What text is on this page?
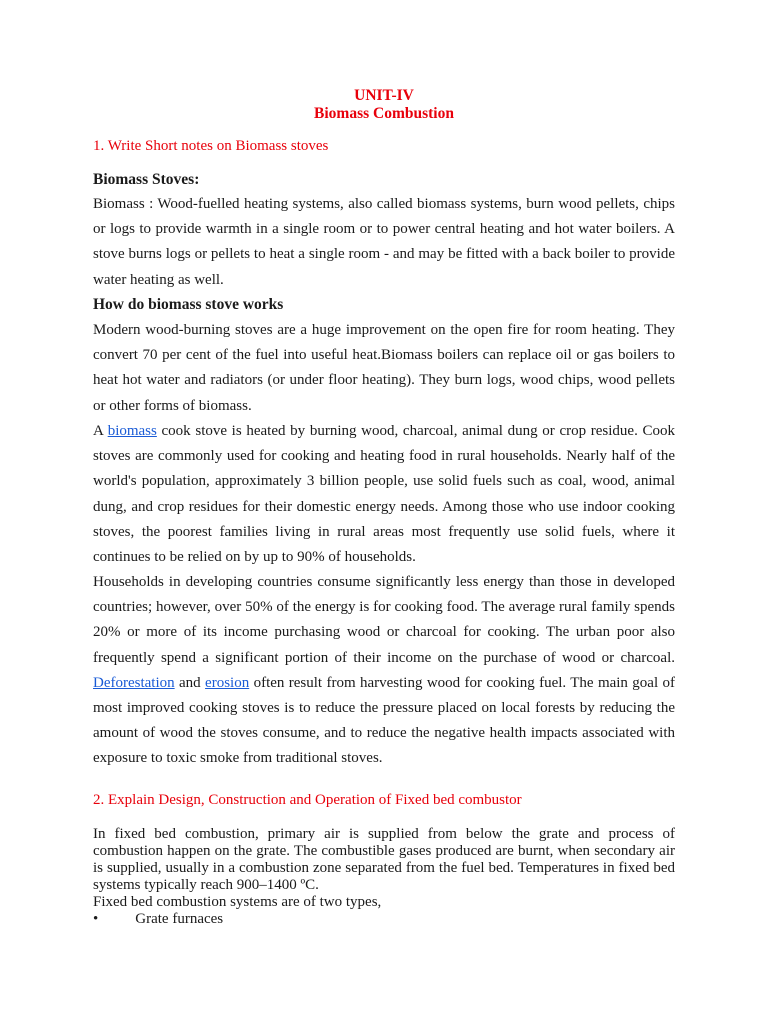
UNIT-IV
Biomass Combustion
1. Write Short notes on Biomass stoves
Biomass Stoves:

Biomass : Wood-fuelled heating systems, also called biomass systems, burn wood pellets, chips or logs to provide warmth in a single room or to power central heating and hot water boilers. A stove burns logs or pellets to heat a single room - and may be fitted with a back boiler to provide water heating as well.

How do biomass stove works

Modern wood-burning stoves are a huge improvement on the open fire for room heating. They convert 70 per cent of the fuel into useful heat.Biomass boilers can replace oil or gas boilers to heat hot water and radiators (or under floor heating). They burn logs, wood chips, wood pellets or other forms of biomass.

A biomass cook stove is heated by burning wood, charcoal, animal dung or crop residue. Cook stoves are commonly used for cooking and heating food in rural households. Nearly half of the world's population, approximately 3 billion people, use solid fuels such as coal, wood, animal dung, and crop residues for their domestic energy needs. Among those who use indoor cooking stoves, the poorest families living in rural areas most frequently use solid fuels, where it continues to be relied on by up to 90% of households.

Households in developing countries consume significantly less energy than those in developed countries; however, over 50% of the energy is for cooking food. The average rural family spends 20% or more of its income purchasing wood or charcoal for cooking. The urban poor also frequently spend a significant portion of their income on the purchase of wood or charcoal. Deforestation and erosion often result from harvesting wood for cooking fuel. The main goal of most improved cooking stoves is to reduce the pressure placed on local forests by reducing the amount of wood the stoves consume, and to reduce the negative health impacts associated with exposure to toxic smoke from traditional stoves.

2. Explain Design, Construction and Operation of Fixed bed combustor

In fixed bed combustion, primary air is supplied from below the grate and process of combustion happen on the grate. The combustible gases produced are burnt, when secondary air is supplied, usually in a combustion zone separated from the fuel bed. Temperatures in fixed bed systems typically reach 900–1400 ºC.

Fixed bed combustion systems are of two types,
• Grate furnaces
